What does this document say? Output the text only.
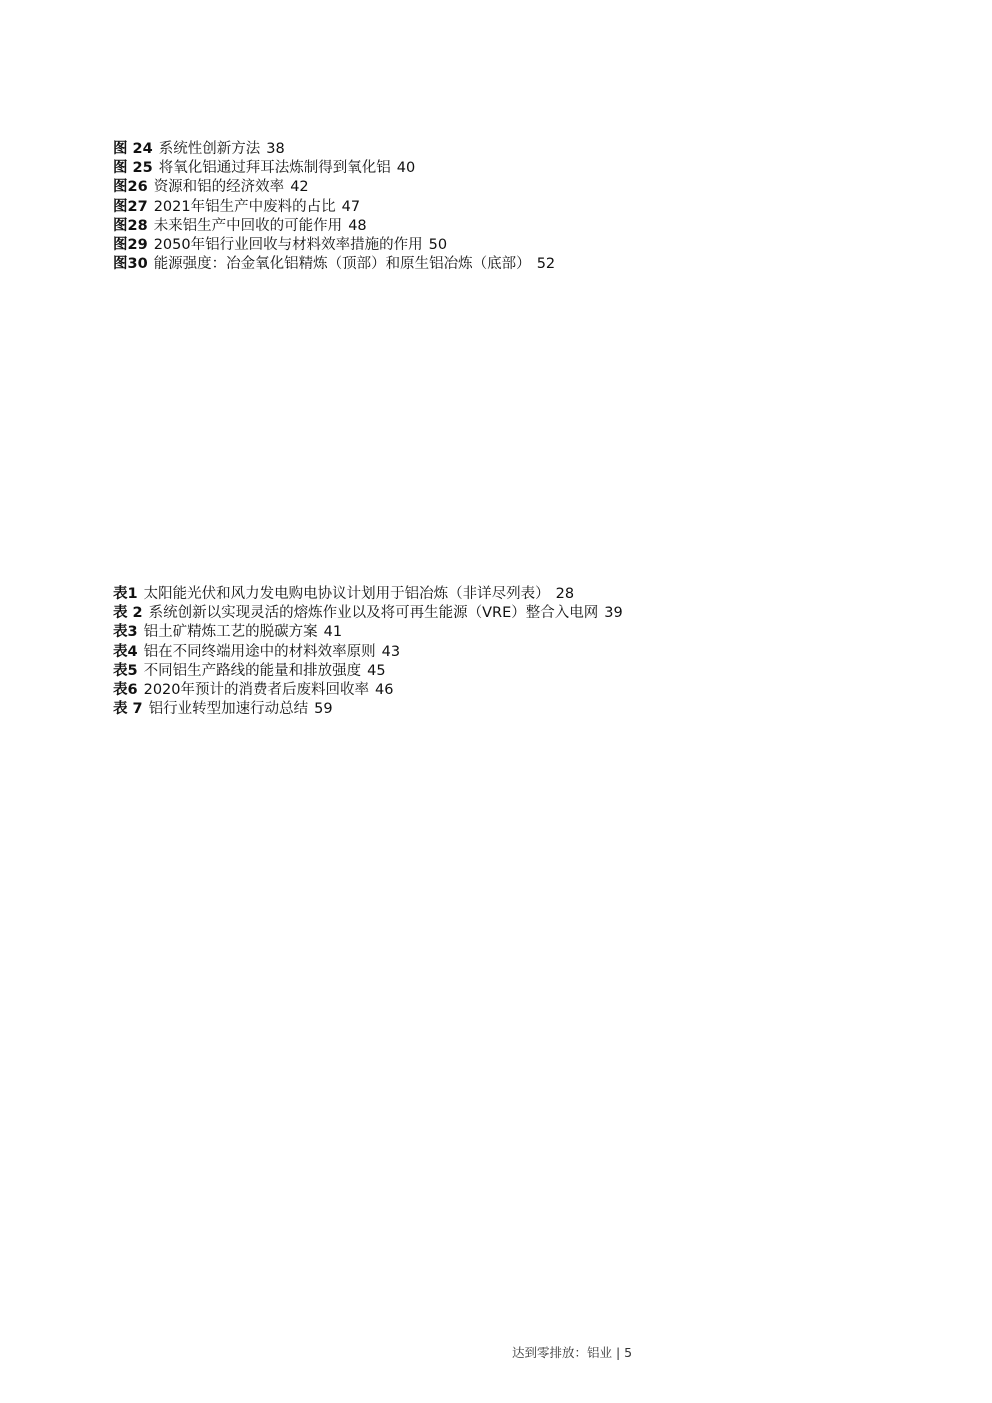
图 24 系统性创新方法 38
图 25 将氧化铝通过拜耳法炼制得到氧化铝 40
图26 资源和铝的经济效率 42
图27 2021年铝生产中废料的占比 47
图28 未来铝生产中回收的可能作用 48
图29 2050年铝行业回收与材料效率措施的作用 50
图30 能源强度：冶金氧化铝精炼（顶部）和原生铝冶炼（底部） 52
表1 太阳能光伏和风力发电购电协议计划用于铝冶炼（非详尽列表） 28
表 2 系统创新以实现灵活的熔炼作业以及将可再生能源（VRE）整合入电网 39
表3 铝土矿精炼工艺的脱碳方案 41
表4 铝在不同终端用途中的材料效率原则 43
表5 不同铝生产路线的能量和排放强度 45
表6 2020年预计的消费者后废料回收率 46
表 7 铝行业转型加速行动总结 59
达到零排放：铝业 | 5
